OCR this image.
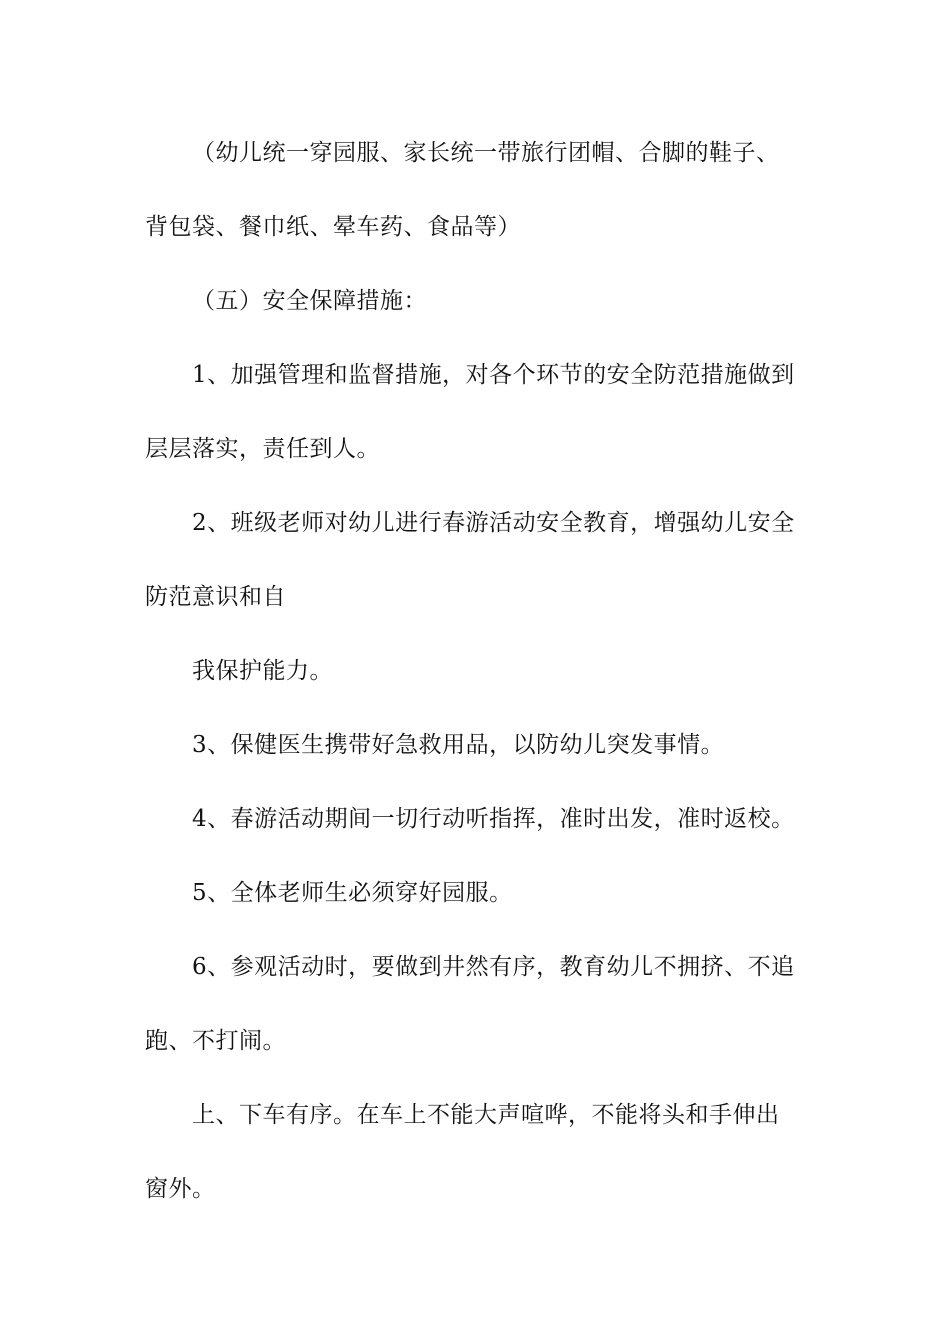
（幼儿统一穿园服、家长统一带旅行团帽、合脚的鞋子、
背包袋、餐巾纸、晕车药、食品等）
（五）安全保障措施：
1、加强管理和监督措施，对各个环节的安全防范措施做到
层层落实，责任到人。
2、班级老师对幼儿进行春游活动安全教育，增强幼儿安全
防范意识和自
我保护能力。
3、保健医生携带好急救用品，以防幼儿突发事情。
4、春游活动期间一切行动听指挥，准时出发，准时返校。
5、全体老师生必须穿好园服。
6、参观活动时，要做到井然有序，教育幼儿不拥挤、不追
跑、不打闹。
上、下车有序。在车上不能大声喧哗，不能将头和手伸出
窗外。
